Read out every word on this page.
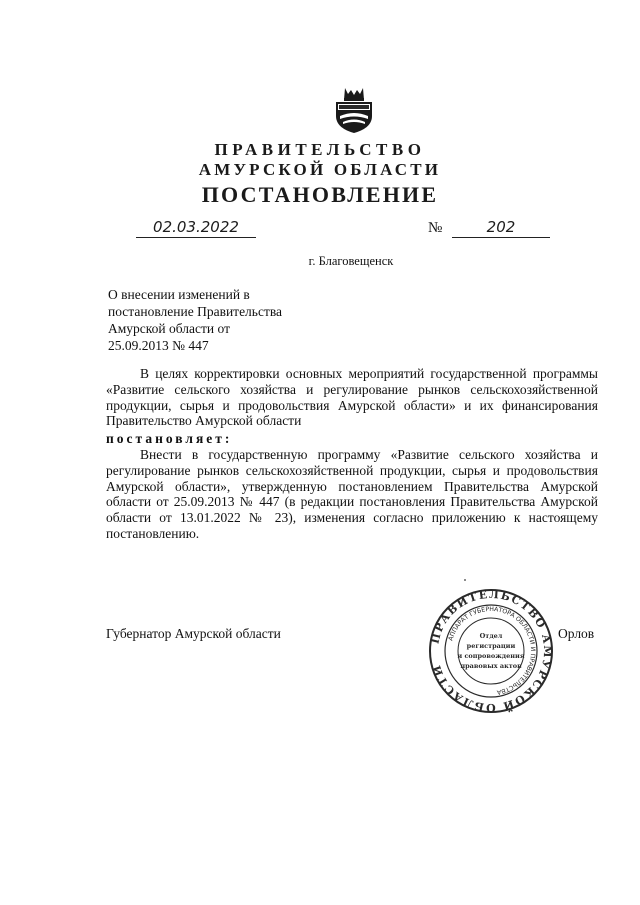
ПРАВИТЕЛЬСТВО
АМУРСКОЙ ОБЛАСТИ
ПОСТАНОВЛЕНИЕ
02.03.2022	№	202
г. Благовещенск
О внесении изменений в
постановление Правительства
Амурской области от
25.09.2013 № 447
В целях корректировки основных мероприятий государственной программы «Развитие сельского хозяйства и регулирование рынков сельскохозяйственной продукции, сырья и продовольствия Амурской области» и их финансирования Правительство Амурской области
постановляет:
Внести в государственную программу «Развитие сельского хозяйства и регулирование рынков сельскохозяйственной продукции, сырья и продовольствия Амурской области», утвержденную постановлением Правительства Амурской области от 25.09.2013 № 447 (в редакции постановления Правительства Амурской области от 13.01.2022 № 23), изменения согласно приложению к настоящему постановлению.
Губернатор Амурской области	Орлов
ПРАВИТЕЛЬСТВО АМУРСКОЙ ОБЛАСТИ
АППАРАТ ГУБЕРНАТОРА ОБЛАСТИ И ПРАВИТЕЛЬСТВА
Отдел
регистрации
и сопровождения
правовых актов
